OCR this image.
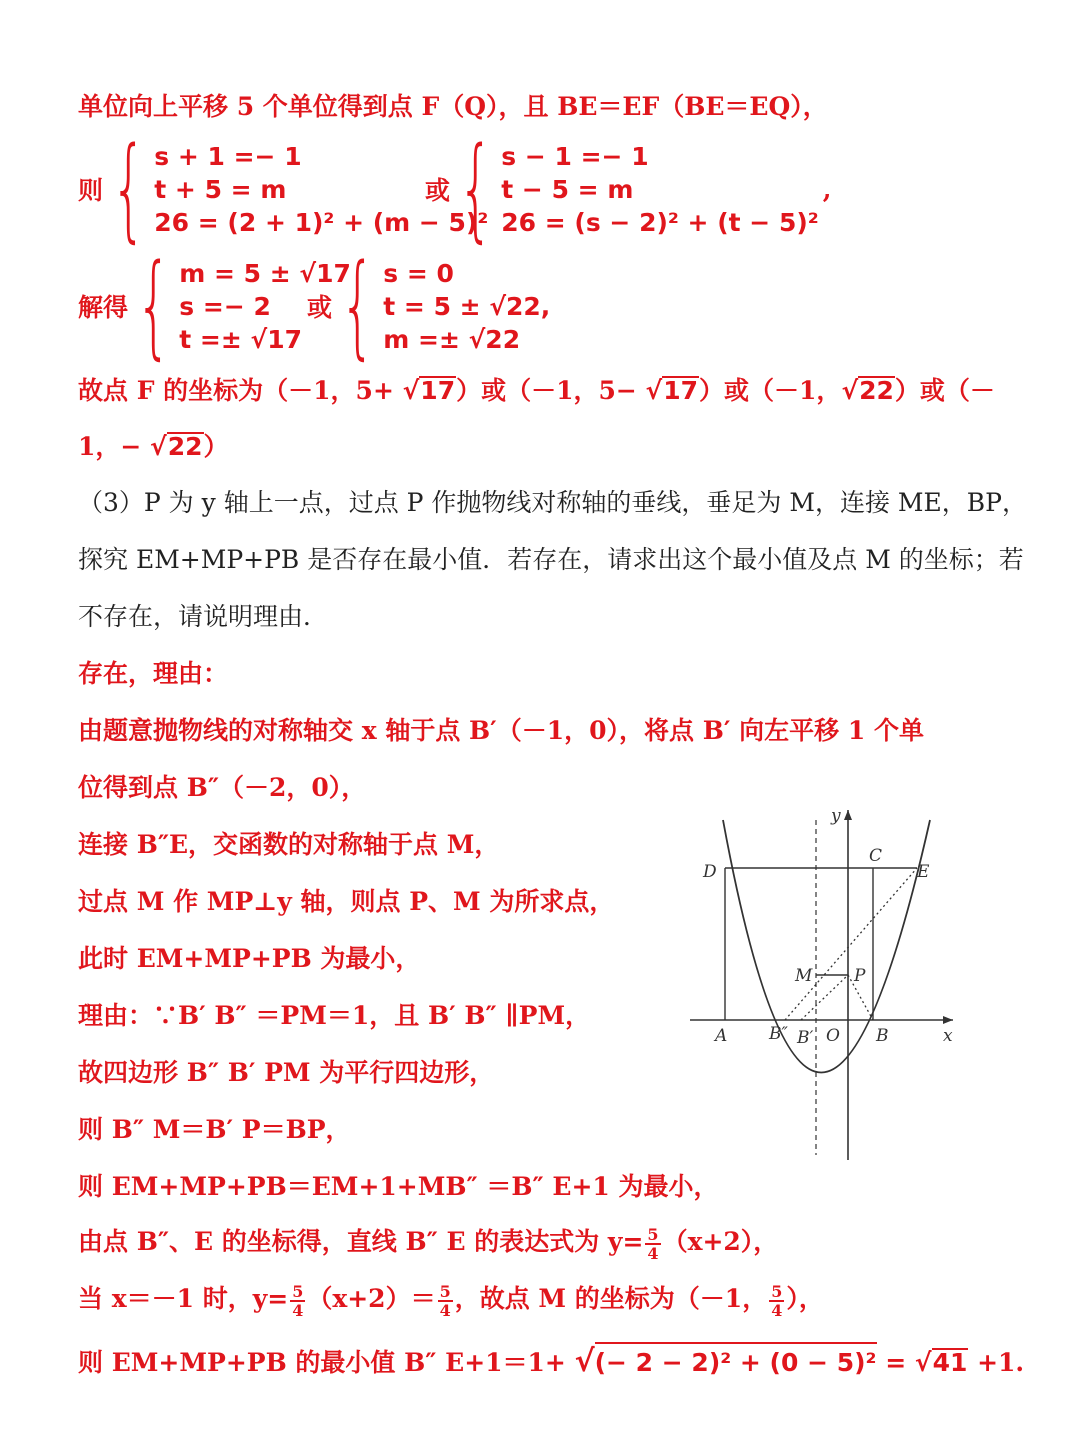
单位向上平移 5 个单位得到点 F（Q），且 BE＝EF（BE＝EQ），
则 { s + 1 =− 1
t + 5 = m
26 = (2 + 1)² + (m − 5)²
或 { s − 1 =− 1
t − 5 = m
26 = (s − 2)² + (t − 5)²
,
解得 { m = 5 ± √17
s =− 2
t =± √17
或 { s = 0
t = 5 ± √22,
m =± √22
故点 F 的坐标为（－1，5+ √17）或（－1，5− √17）或（－1，√22）或（－
1，− √22）
（3）P 为 y 轴上一点，过点 P 作抛物线对称轴的垂线，垂足为 M，连接 ME，BP，
探究 EM+MP+PB 是否存在最小值．若存在，请求出这个最小值及点 M 的坐标；若
不存在，请说明理由．
存在，理由：
由题意抛物线的对称轴交 x 轴于点 B′（－1，0），将点 B′ 向左平移 1 个单
位得到点 B″（－2，0），
连接 B″E，交函数的对称轴于点 M，
过点 M 作 MP⊥y 轴，则点 P、M 为所求点，
此时 EM+MP+PB 为最小，
理由：∵B′ B″ ＝PM＝1，且 B′ B″ ∥PM，
故四边形 B″ B′ PM 为平行四边形，
则 B″ M＝B′ P＝BP，
则 EM+MP+PB＝EM+1+MB″ ＝B″ E+1 为最小，
由点 B″、E 的坐标得，直线 B″ E 的表达式为 $y= \frac{5}{4} (x+2)$，
当 x＝－1 时，$y= \frac{5}{4} (x+2)= \frac{5}{4}$ ，故点 M 的坐标为（－1， $\frac{5}{4}$ ），
则 EM+MP+PB 的最小值 B″ E+1＝1+ √(− 2 − 2)² + (0 − 5)² = √41 +1.
y
x
C
D	E
M P
A B″ B′ O B
